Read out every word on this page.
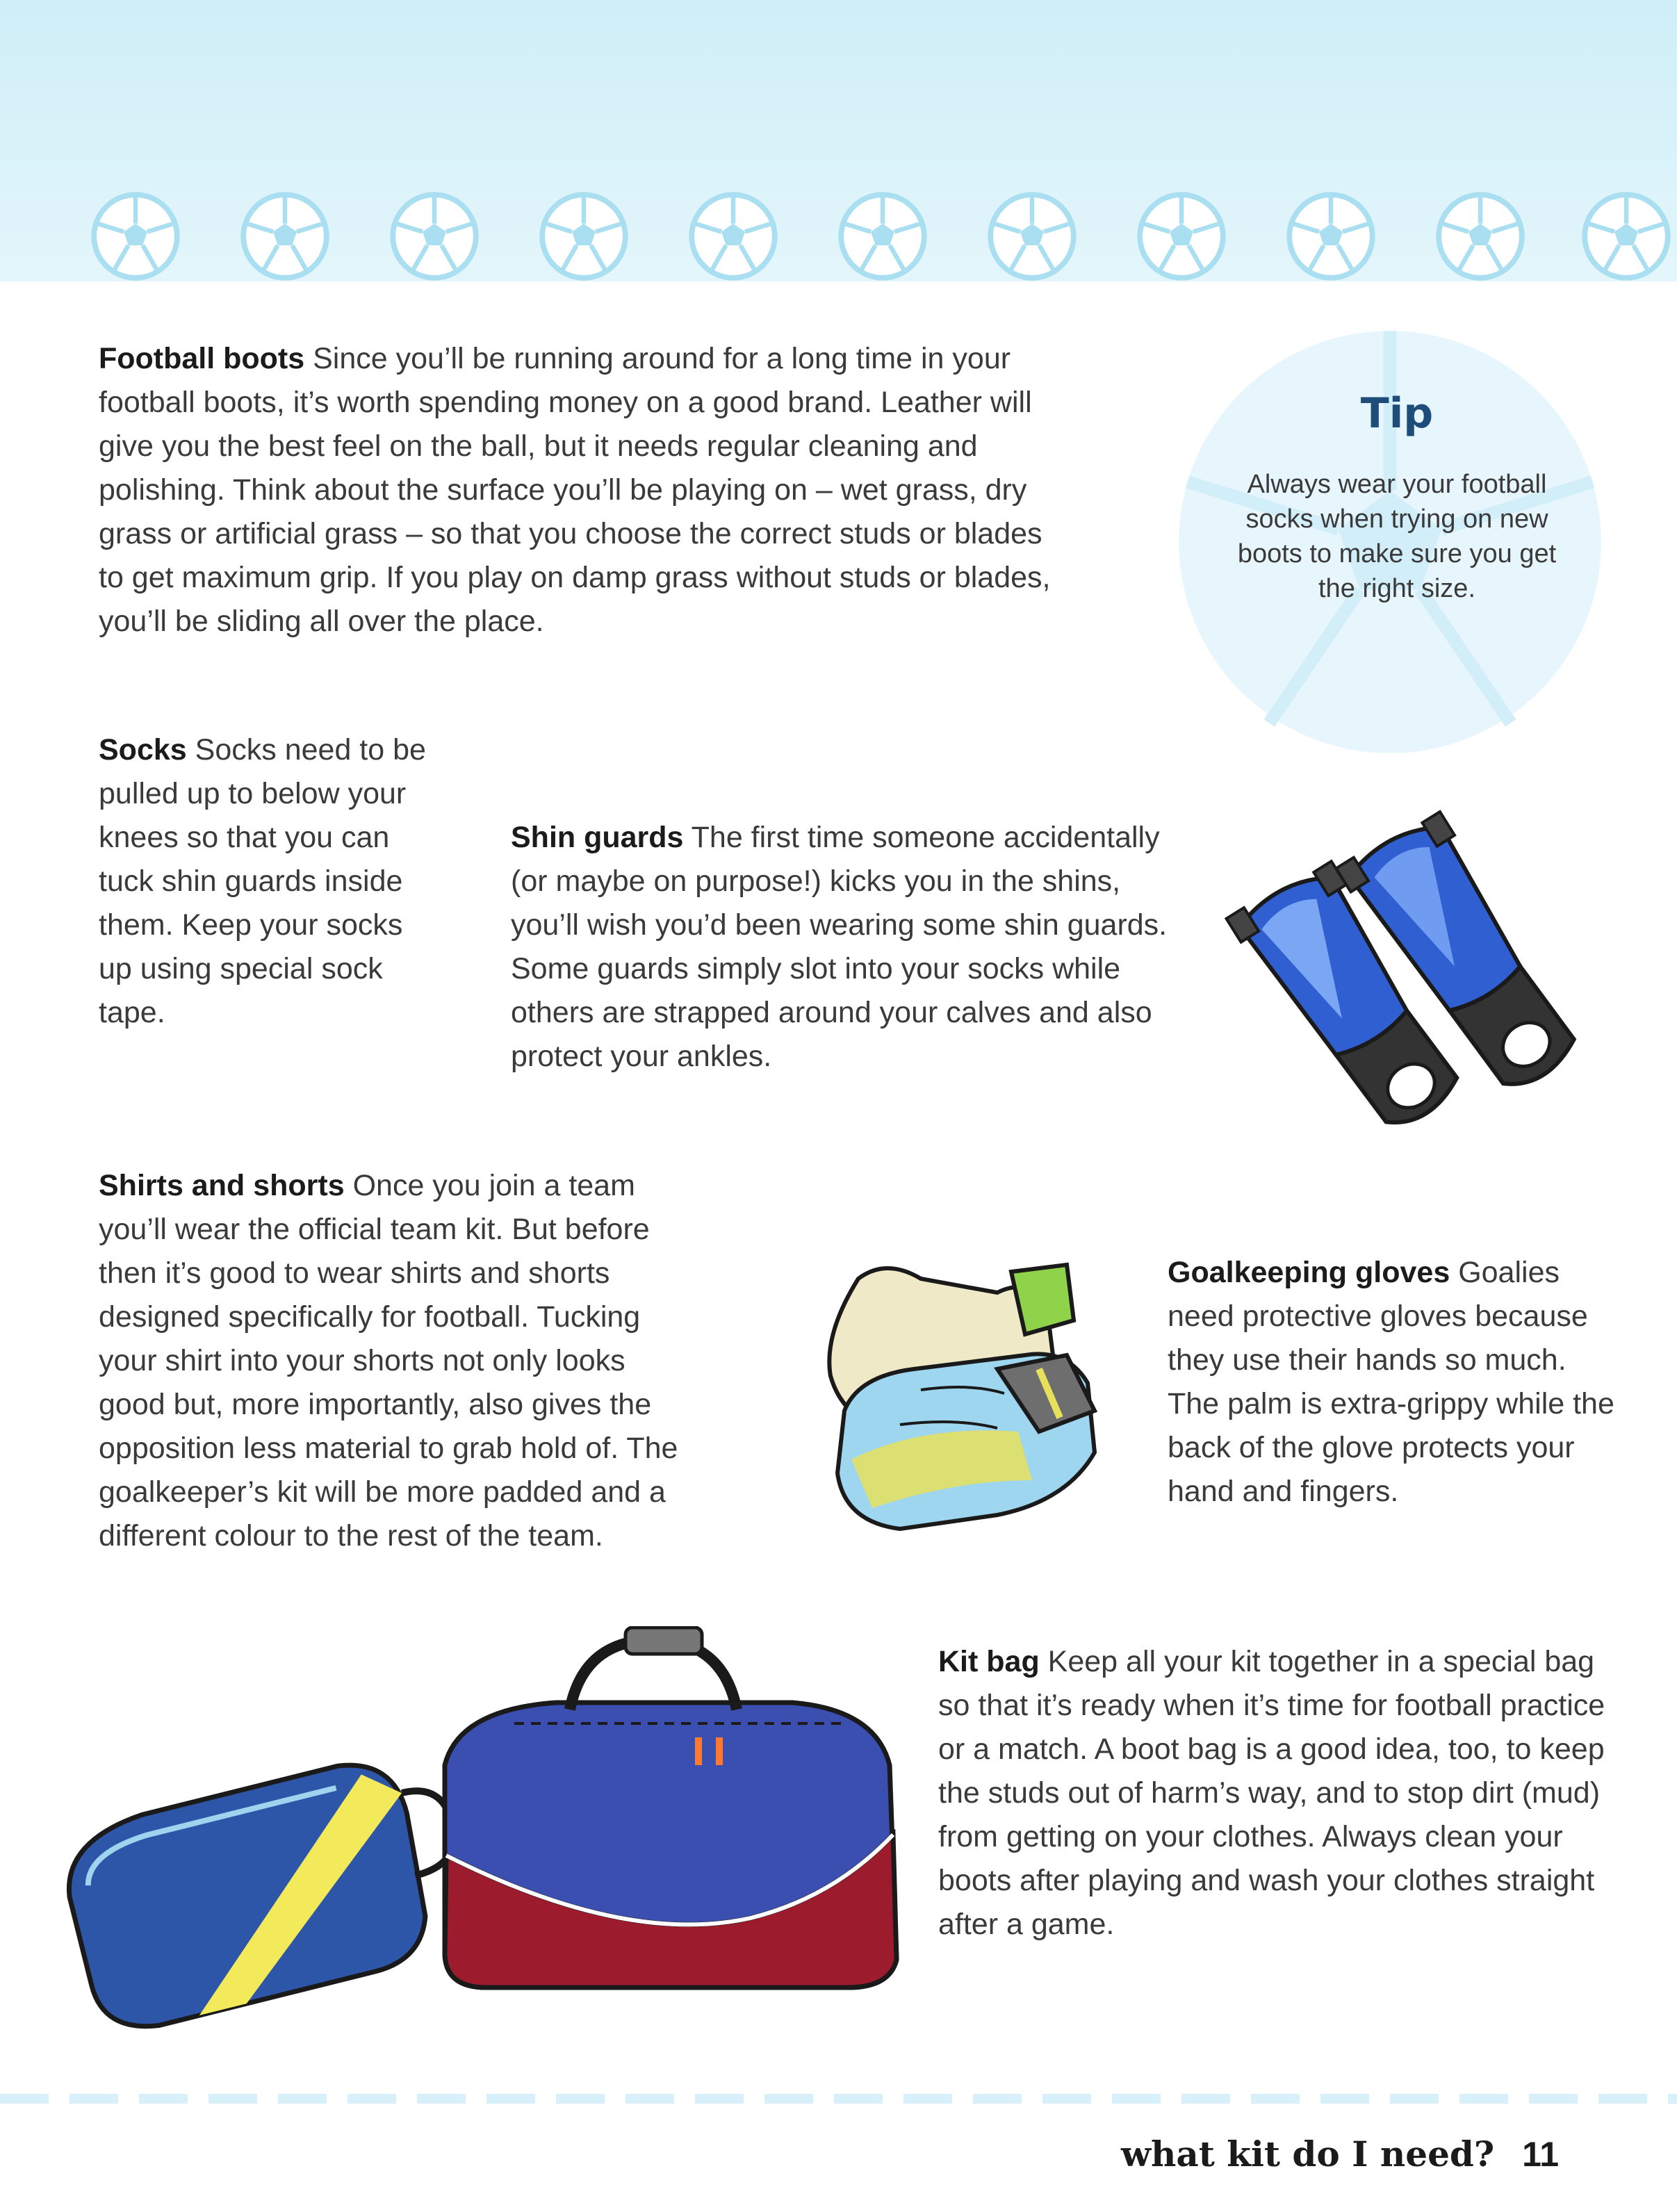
Tip
Always wear your football socks when trying on new boots to make sure you get the right size.

Football boots Since you’ll be running around for a long time in your football boots, it’s worth spending money on a good brand. Leather will give you the best feel on the ball, but it needs regular cleaning and polishing. Think about the surface you’ll be playing on – wet grass, dry grass or artificial grass – so that you choose the correct studs or blades to get maximum grip. If you play on damp grass without studs or blades, you’ll be sliding all over the place.

Socks Socks need to be pulled up to below your knees so that you can tuck shin guards inside them. Keep your socks up using special sock tape.

Shin guards The first time someone accidentally (or maybe on purpose!) kicks you in the shins, you’ll wish you’d been wearing some shin guards. Some guards simply slot into your socks while others are strapped around your calves and also protect your ankles.

Shirts and shorts Once you join a team you’ll wear the official team kit. But before then it’s good to wear shirts and shorts designed specifically for football. Tucking your shirt into your shorts not only looks good but, more importantly, also gives the opposition less material to grab hold of. The goalkeeper’s kit will be more padded and a different colour to the rest of the team.

Goalkeeping gloves Goalies need protective gloves because they use their hands so much. The palm is extra-grippy while the back of the glove protects your hand and fingers.

Kit bag Keep all your kit together in a special bag so that it’s ready when it’s time for football practice or a match. A boot bag is a good idea, too, to keep the studs out of harm’s way, and to stop dirt (mud) from getting on your clothes. Always clean your boots after playing and wash your clothes straight after a game.

what kit do I need? 11
